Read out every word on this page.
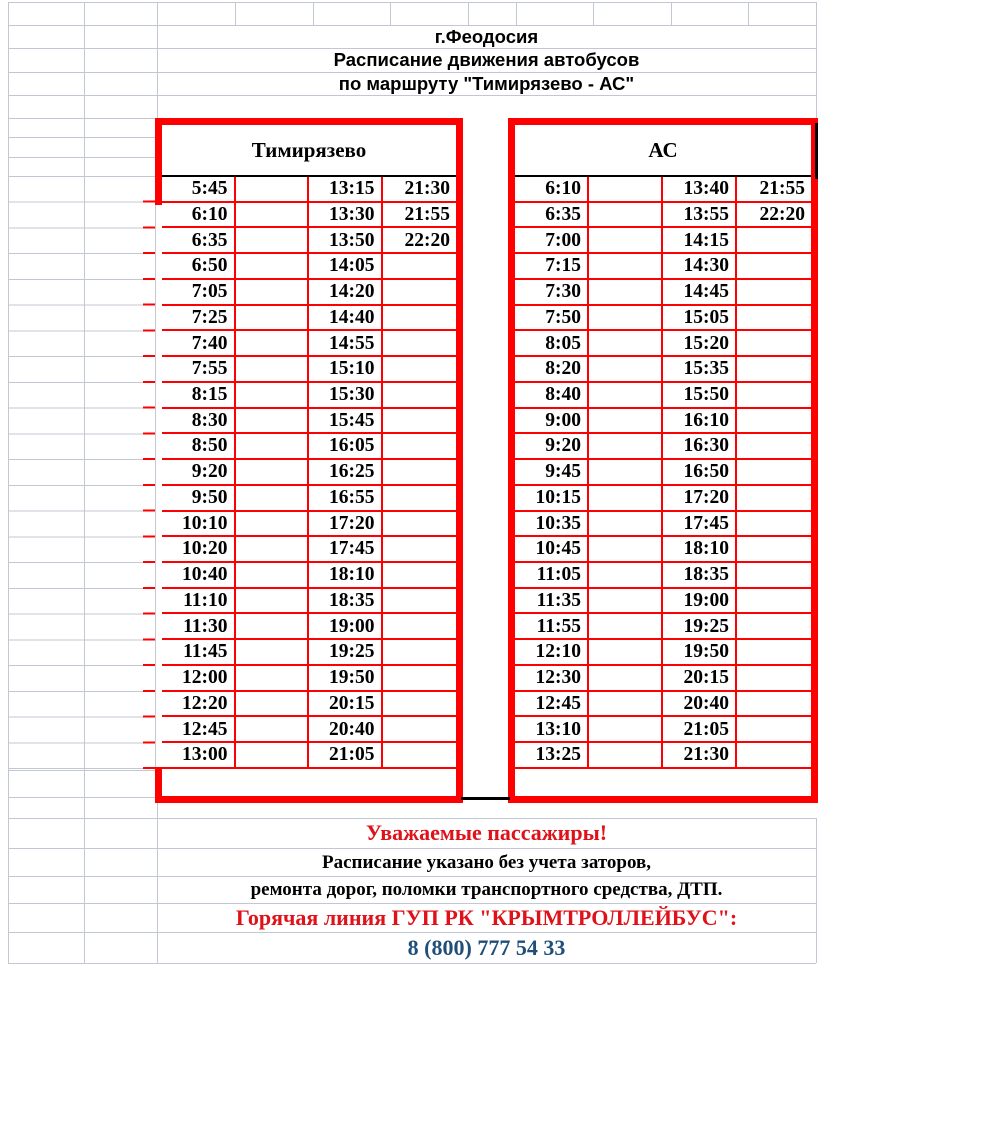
г.Феодосия
Расписание движения автобусов
по маршруту "Тимирязево - АС"
Тимирязево
5:45	13:15	21:30
6:10	13:30	21:55
6:35	13:50	22:20
6:50	14:05
7:05	14:20
7:25	14:40
7:40	14:55
7:55	15:10
8:15	15:30
8:30	15:45
8:50	16:05
9:20	16:25
9:50	16:55
10:10	17:20
10:20	17:45
10:40	18:10
11:10	18:35
11:30	19:00
11:45	19:25
12:00	19:50
12:20	20:15
12:45	20:40
13:00	21:05
АС
6:10	13:40	21:55
6:35	13:55	22:20
7:00	14:15
7:15	14:30
7:30	14:45
7:50	15:05
8:05	15:20
8:20	15:35
8:40	15:50
9:00	16:10
9:20	16:30
9:45	16:50
10:15	17:20
10:35	17:45
10:45	18:10
11:05	18:35
11:35	19:00
11:55	19:25
12:10	19:50
12:30	20:15
12:45	20:40
13:10	21:05
13:25	21:30
Уважаемые пассажиры!
Расписание указано без учета заторов,
ремонта дорог, поломки транспортного средства, ДТП.
Горячая линия ГУП РК "КРЫМТРОЛЛЕЙБУС":
8 (800) 777 54 33
